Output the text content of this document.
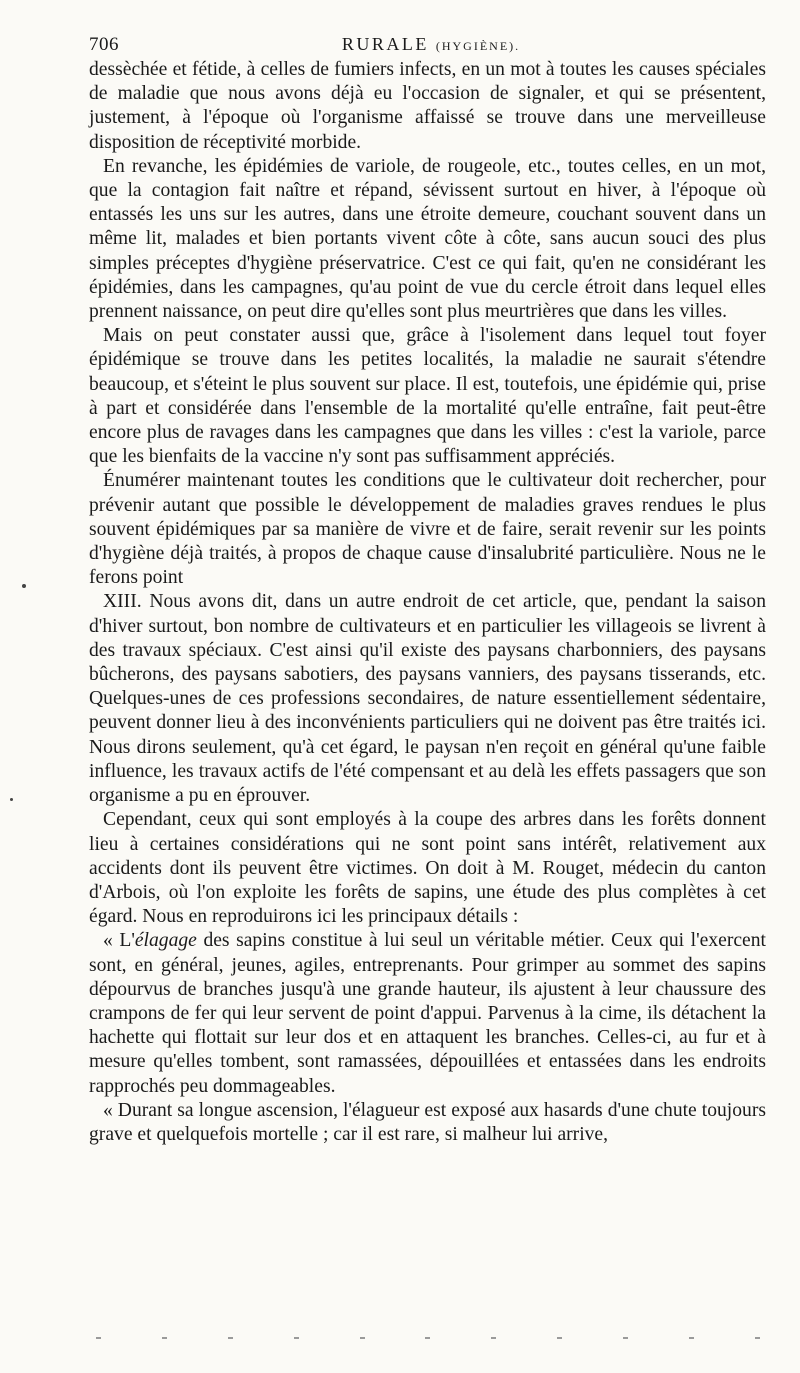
706	RURALE (HYGIÈNE).

dessèchée et fétide, à celles de fumiers infects, en un mot à toutes les causes spéciales de maladie que nous avons déjà eu l'occasion de signaler, et qui se présentent, justement, à l'époque où l'organisme affaissé se trouve dans une merveilleuse disposition de réceptivité morbide.

En revanche, les épidémies de variole, de rougeole, etc., toutes celles, en un mot, que la contagion fait naître et répand, sévissent surtout en hiver, à l'époque où entassés les uns sur les autres, dans une étroite demeure, couchant souvent dans un même lit, malades et bien portants vivent côte à côte, sans aucun souci des plus simples préceptes d'hygiène préservatrice. C'est ce qui fait, qu'en ne considérant les épidémies, dans les campagnes, qu'au point de vue du cercle étroit dans lequel elles prennent naissance, on peut dire qu'elles sont plus meurtrières que dans les villes.

Mais on peut constater aussi que, grâce à l'isolement dans lequel tout foyer épidémique se trouve dans les petites localités, la maladie ne saurait s'étendre beaucoup, et s'éteint le plus souvent sur place. Il est, toutefois, une épidémie qui, prise à part et considérée dans l'ensemble de la mortalité qu'elle entraîne, fait peut-être encore plus de ravages dans les campagnes que dans les villes : c'est la variole, parce que les bienfaits de la vaccine n'y sont pas suffisamment appréciés.

Énumérer maintenant toutes les conditions que le cultivateur doit rechercher, pour prévenir autant que possible le développement de maladies graves rendues le plus souvent épidémiques par sa manière de vivre et de faire, serait revenir sur les points d'hygiène déjà traités, à propos de chaque cause d'insalubrité particulière. Nous ne le ferons point

XIII. Nous avons dit, dans un autre endroit de cet article, que, pendant la saison d'hiver surtout, bon nombre de cultivateurs et en particulier les villageois se livrent à des travaux spéciaux. C'est ainsi qu'il existe des paysans charbonniers, des paysans bûcherons, des paysans sabotiers, des paysans vanniers, des paysans tisserands, etc. Quelques-unes de ces professions secondaires, de nature essentiellement sédentaire, peuvent donner lieu à des inconvénients particuliers qui ne doivent pas être traités ici. Nous dirons seulement, qu'à cet égard, le paysan n'en reçoit en général qu'une faible influence, les travaux actifs de l'été compensant et au delà les effets passagers que son organisme a pu en éprouver.

Cependant, ceux qui sont employés à la coupe des arbres dans les forêts donnent lieu à certaines considérations qui ne sont point sans intérêt, relativement aux accidents dont ils peuvent être victimes. On doit à M. Rouget, médecin du canton d'Arbois, où l'on exploite les forêts de sapins, une étude des plus complètes à cet égard. Nous en reproduirons ici les principaux détails :

« L'élagage des sapins constitue à lui seul un véritable métier. Ceux qui l'exercent sont, en général, jeunes, agiles, entreprenants. Pour grimper au sommet des sapins dépourvus de branches jusqu'à une grande hauteur, ils ajustent à leur chaussure des crampons de fer qui leur servent de point d'appui. Parvenus à la cime, ils détachent la hachette qui flottait sur leur dos et en attaquent les branches. Celles-ci, au fur et à mesure qu'elles tombent, sont ramassées, dépouillées et entassées dans les endroits rapprochés peu dommageables.

« Durant sa longue ascension, l'élagueur est exposé aux hasards d'une chute toujours grave et quelquefois mortelle ; car il est rare, si malheur lui arrive,
